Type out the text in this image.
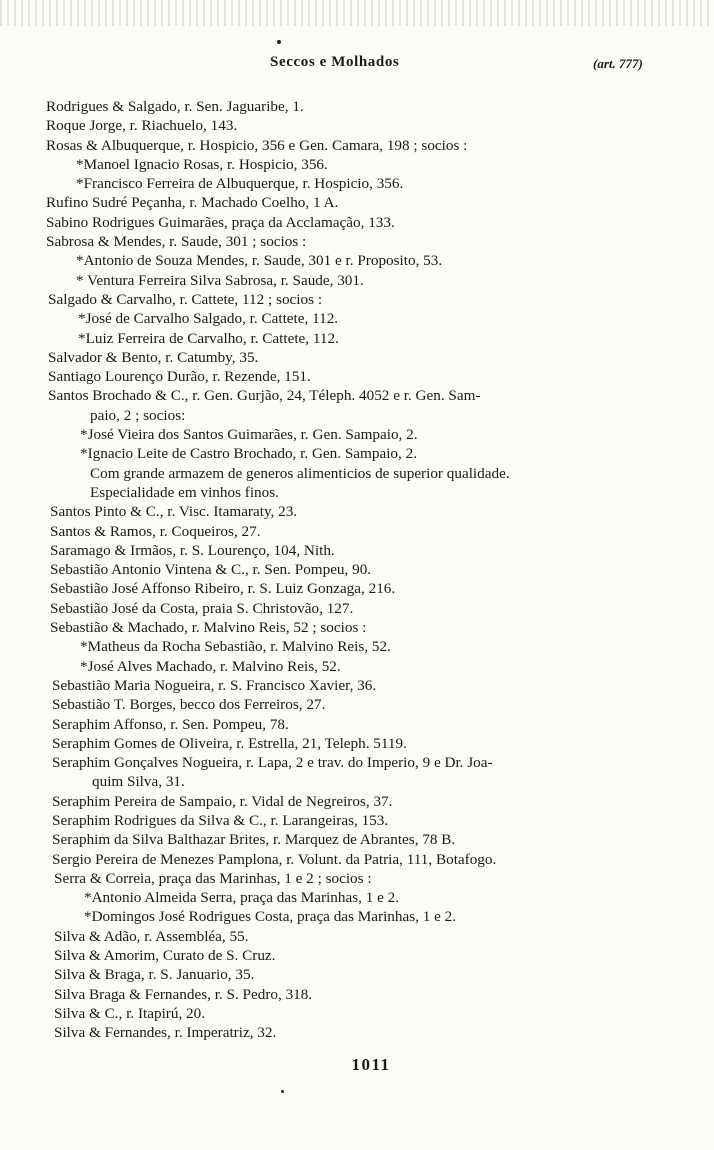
Seccos e Molhados	(art. 777)
Rodrigues & Salgado, r. Sen. Jaguaribe, 1.
Roque Jorge, r. Riachuelo, 143.
Rosas & Albuquerque, r. Hospicio, 356 e Gen. Camara, 198 ; socios :
*Manoel Ignacio Rosas, r. Hospicio, 356.
*Francisco Ferreira de Albuquerque, r. Hospicio, 356.
Rufino Sudré Peçanha, r. Machado Coelho, 1 A.
Sabino Rodrigues Guimarães, praça da Acclamação, 133.
Sabrosa & Mendes, r. Saude, 301 ; socios :
*Antonio de Souza Mendes, r. Saude, 301 e r. Proposito, 53.
* Ventura Ferreira Silva Sabrosa, r. Saude, 301.
Salgado & Carvalho, r. Cattete, 112 ; socios :
*José de Carvalho Salgado, r. Cattete, 112.
*Luiz Ferreira de Carvalho, r. Cattete, 112.
Salvador & Bento, r. Catumby, 35.
Santiago Lourenço Durão, r. Rezende, 151.
Santos Brochado & C., r. Gen. Gurjão, 24, Téleph. 4052 e r. Gen. Sam-
paio, 2 ; socios:
*José Vieira dos Santos Guimarães, r. Gen. Sampaio, 2.
*Ignacio Leite de Castro Brochado, r. Gen. Sampaio, 2.
Com grande armazem de generos alimenticios de superior qualidade.
Especialidade em vinhos finos.
Santos Pinto & C., r. Visc. Itamaraty, 23.
Santos & Ramos, r. Coqueiros, 27.
Saramago & Irmãos, r. S. Lourenço, 104, Nith.
Sebastião Antonio Vintena & C., r. Sen. Pompeu, 90.
Sebastião José Affonso Ribeiro, r. S. Luiz Gonzaga, 216.
Sebastião José da Costa, praia S. Christovão, 127.
Sebastião & Machado, r. Malvino Reis, 52 ; socios :
*Matheus da Rocha Sebastião, r. Malvino Reis, 52.
*José Alves Machado, r. Malvino Reis, 52.
Sebastião Maria Nogueira, r. S. Francisco Xavier, 36.
Sebastião T. Borges, becco dos Ferreiros, 27.
Seraphim Affonso, r. Sen. Pompeu, 78.
Seraphim Gomes de Oliveira, r. Estrella, 21, Teleph. 5119.
Seraphim Gonçalves Nogueira, r. Lapa, 2 e trav. do Imperio, 9 e Dr. Joa-
quim Silva, 31.
Seraphim Pereira de Sampaio, r. Vidal de Negreiros, 37.
Seraphim Rodrigues da Silva & C., r. Larangeiras, 153.
Seraphim da Silva Balthazar Brites, r. Marquez de Abrantes, 78 B.
Sergio Pereira de Menezes Pamplona, r. Volunt. da Patria, 111, Botafogo.
Serra & Correia, praça das Marinhas, 1 e 2 ; socios :
*Antonio Almeida Serra, praça das Marinhas, 1 e 2.
*Domingos José Rodrigues Costa, praça das Marinhas, 1 e 2.
Silva & Adão, r. Assembléa, 55.
Silva & Amorim, Curato de S. Cruz.
Silva & Braga, r. S. Januario, 35.
Silva Braga & Fernandes, r. S. Pedro, 318.
Silva & C., r. Itapirú, 20.
Silva & Fernandes, r. Imperatriz, 32.
1011
